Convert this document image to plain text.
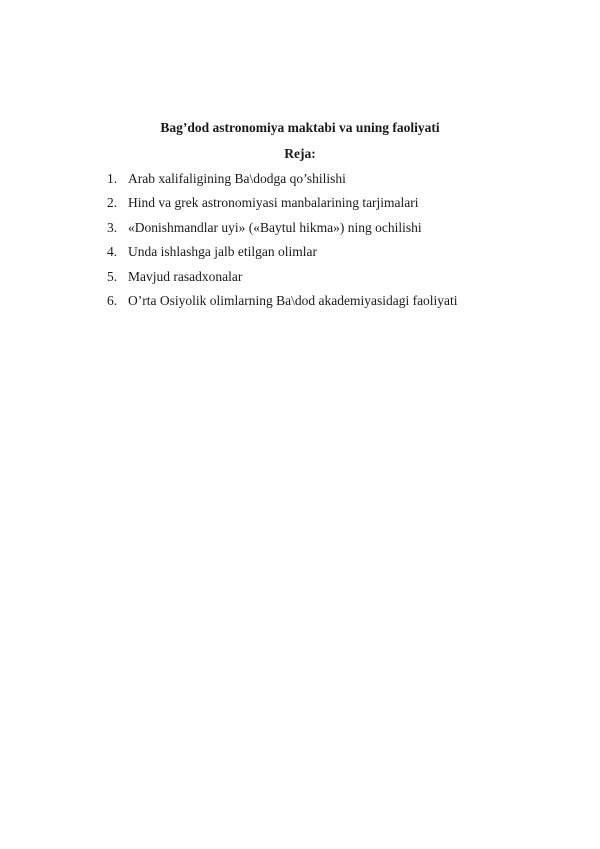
Bag’dod astronomiya maktabi va uning faoliyati

Reja:

1. Arab xalifaligining Ba\dodga qo’shilishi
2. Hind va grek astronomiyasi manbalarining tarjimalari
3. «Donishmandlar uyi» («Baytul hikma») ning ochilishi
4. Unda ishlashga jalb etilgan olimlar
5. Mavjud rasadxonalar
6. O’rta Osiyolik olimlarning Ba\dod akademiyasidagi faoliyati
